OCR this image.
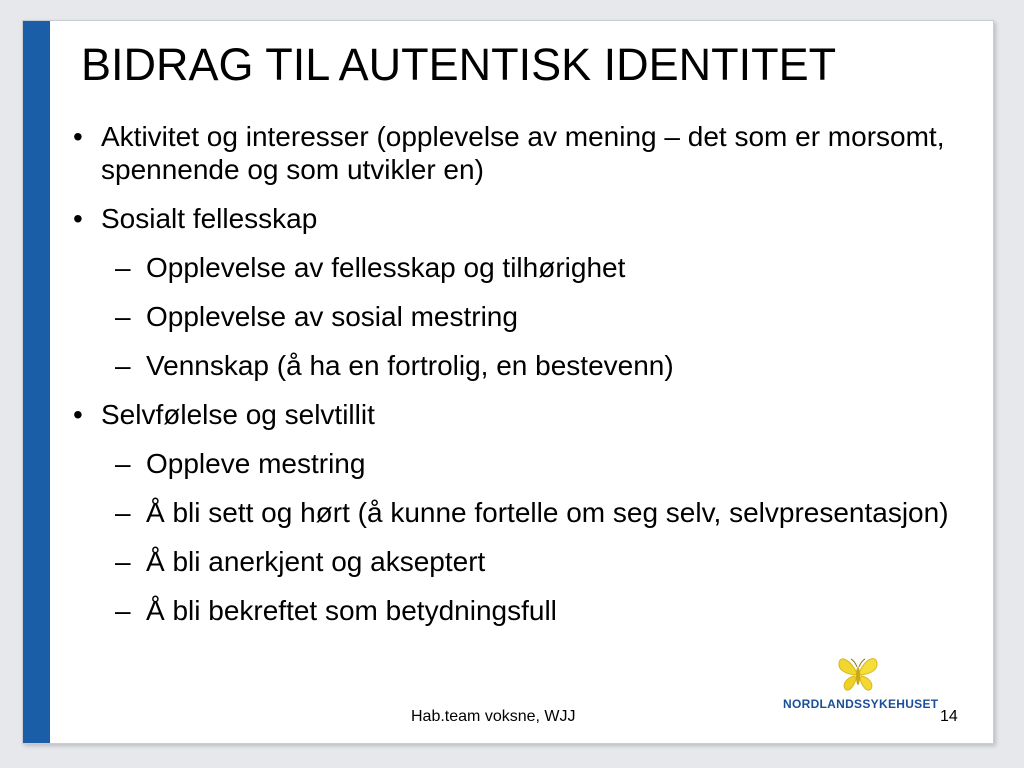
BIDRAG TIL AUTENTISK IDENTITET
• Aktivitet og interesser (opplevelse av mening – det som er morsomt, spennende og som utvikler en)
• Sosialt fellesskap
– Opplevelse av fellesskap og tilhørighet
– Opplevelse av sosial mestring
– Vennskap (å ha en fortrolig, en bestevenn)
• Selvfølelse og selvtillit
– Oppleve mestring
– Å bli sett og hørt (å kunne fortelle om seg selv, selvpresentasjon)
– Å bli anerkjent og akseptert
– Å bli bekreftet som betydningsfull
Hab.team voksne, WJJ	14
NORDLANDSSYKEHUSET
